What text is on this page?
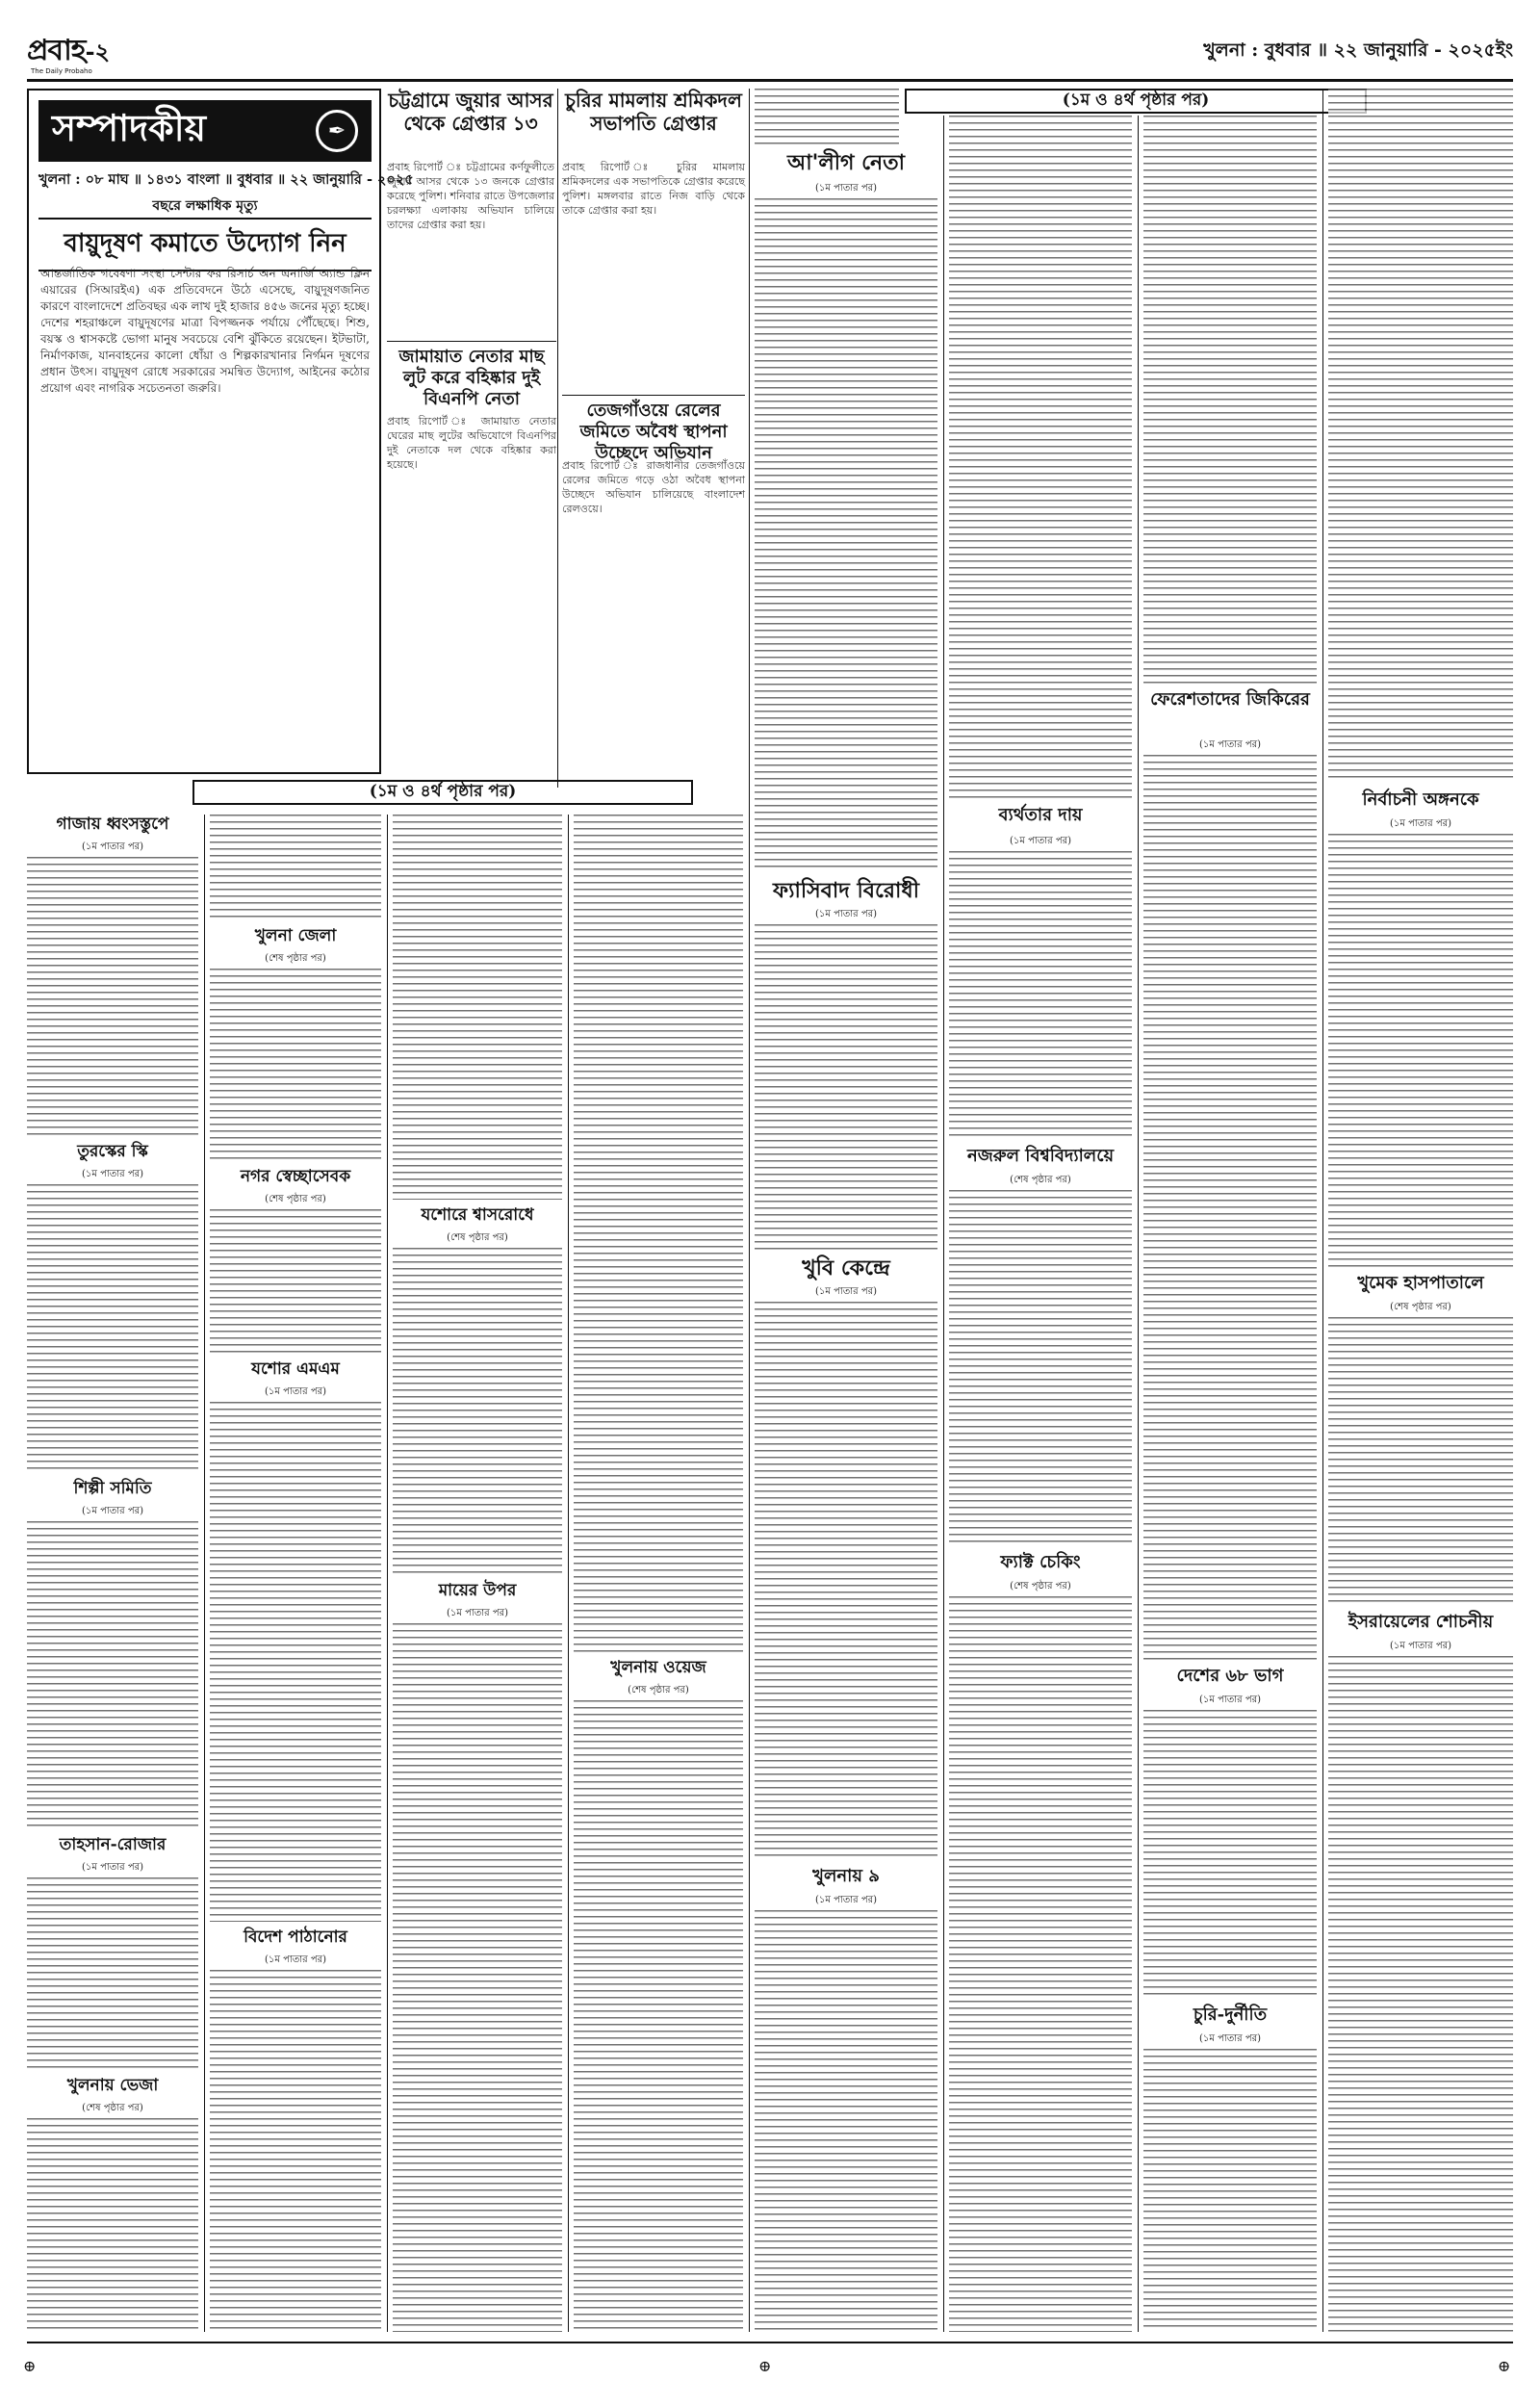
প্রবাহ-২
The Daily Probaho
খুলনা : বুধবার ॥ ২২ জানুয়ারি - ২০২৫ইং
সম্পাদকীয়	✒
খুলনা : ০৮ মাঘ ॥ ১৪৩১ বাংলা ॥ বুধবার ॥ ২২ জানুয়ারি - ২০২৫
বছরে লক্ষাধিক মৃত্যু
বায়ুদূষণ কমাতে উদ্যোগ নিন
আন্তর্জাতিক গবেষণা সংস্থা সেন্টার ফর রিসার্চ অন এনার্জি অ্যান্ড ক্লিন এয়ারের (সিআরইএ) এক প্রতিবেদনে উঠে এসেছে, বায়ুদূষণজনিত কারণে বাংলাদেশে প্রতিবছর এক লাখ দুই হাজার ৪৫৬ জনের মৃত্যু হচ্ছে। দেশের শহরাঞ্চলে বায়ুদূষণের মাত্রা বিপজ্জনক পর্যায়ে পৌঁছেছে। শিশু, বয়স্ক ও শ্বাসকষ্টে ভোগা মানুষ সবচেয়ে বেশি ঝুঁকিতে রয়েছেন। ইটভাটা, নির্মাণকাজ, যানবাহনের কালো ধোঁয়া ও শিল্পকারখানার নির্গমন দূষণের প্রধান উৎস। বায়ুদূষণ রোধে সরকারের সমন্বিত উদ্যোগ, আইনের কঠোর প্রয়োগ এবং নাগরিক সচেতনতা জরুরি।
চট্টগ্রামে জুয়ার আসর থেকে গ্রেপ্তার ১৩
প্রবাহ রিপোর্ট ঃ চট্টগ্রামের কর্ণফুলীতে জুয়ার আসর থেকে ১৩ জনকে গ্রেপ্তার করেছে পুলিশ। শনিবার রাতে উপজেলার চরলক্ষ্যা এলাকায় অভিযান চালিয়ে তাদের গ্রেপ্তার করা হয়।
চুরির মামলায় শ্রমিকদল সভাপতি গ্রেপ্তার
প্রবাহ রিপোর্ট ঃ চুরির মামলায় শ্রমিকদলের এক সভাপতিকে গ্রেপ্তার করেছে পুলিশ। মঙ্গলবার রাতে নিজ বাড়ি থেকে তাকে গ্রেপ্তার করা হয়।
জামায়াত নেতার মাছ লুট করে বহিষ্কার দুই বিএনপি নেতা
প্রবাহ রিপোর্ট ঃ জামায়াত নেতার ঘেরের মাছ লুটের অভিযোগে বিএনপির দুই নেতাকে দল থেকে বহিষ্কার করা হয়েছে।
তেজগাঁওয়ে রেলের জমিতে অবৈধ স্থাপনা উচ্ছেদে অভিযান
প্রবাহ রিপোর্ট ঃ রাজধানীর তেজগাঁওয়ে রেলের জমিতে গড়ে ওঠা অবৈধ স্থাপনা উচ্ছেদে অভিযান চালিয়েছে বাংলাদেশ রেলওয়ে।
(১ম ও ৪র্থ পৃষ্ঠার পর)
আ'লীগ নেতা
(১ম পাতার পর)
ফ্যাসিবাদ বিরোধী
(১ম পাতার পর)
খুবি কেন্দ্রে
(১ম পাতার পর)
খুলনায় ৯
(১ম পাতার পর)
ব্যর্থতার দায়
(১ম পাতার পর)
নজরুল বিশ্ববিদ্যালয়ে
(শেষ পৃষ্ঠার পর)
ফ্যাক্ট চেকিং
(শেষ পৃষ্ঠার পর)
ফেরেশতাদের জিকিরের
(১ম পাতার পর)
দেশের ৬৮ ভাগ
(১ম পাতার পর)
চুরি-দুর্নীতি
(১ম পাতার পর)
নির্বাচনী অঙ্গনকে
(১ম পাতার পর)
খুমেক হাসপাতালে
(শেষ পৃষ্ঠার পর)
ইসরায়েলের শোচনীয়
(১ম পাতার পর)
(১ম ও ৪র্থ পৃষ্ঠার পর)
গাজায় ধ্বংসস্তুপে
(১ম পাতার পর)
তুরস্কের স্কি
(১ম পাতার পর)
শিল্পী সমিতি
(১ম পাতার পর)
তাহসান-রোজার
(১ম পাতার পর)
খুলনায় ভেজা
(শেষ পৃষ্ঠার পর)
খুলনা জেলা
(শেষ পৃষ্ঠার পর)
নগর স্বেচ্ছাসেবক
(শেষ পৃষ্ঠার পর)
যশোর এমএম
(১ম পাতার পর)
বিদেশ পাঠানোর
(১ম পাতার পর)
যশোরে শ্বাসরোধে
(শেষ পৃষ্ঠার পর)
মায়ের উপর
(১ম পাতার পর)
খুলনায় ওয়েজ
(শেষ পৃষ্ঠার পর)
⊕	⊕	⊕
